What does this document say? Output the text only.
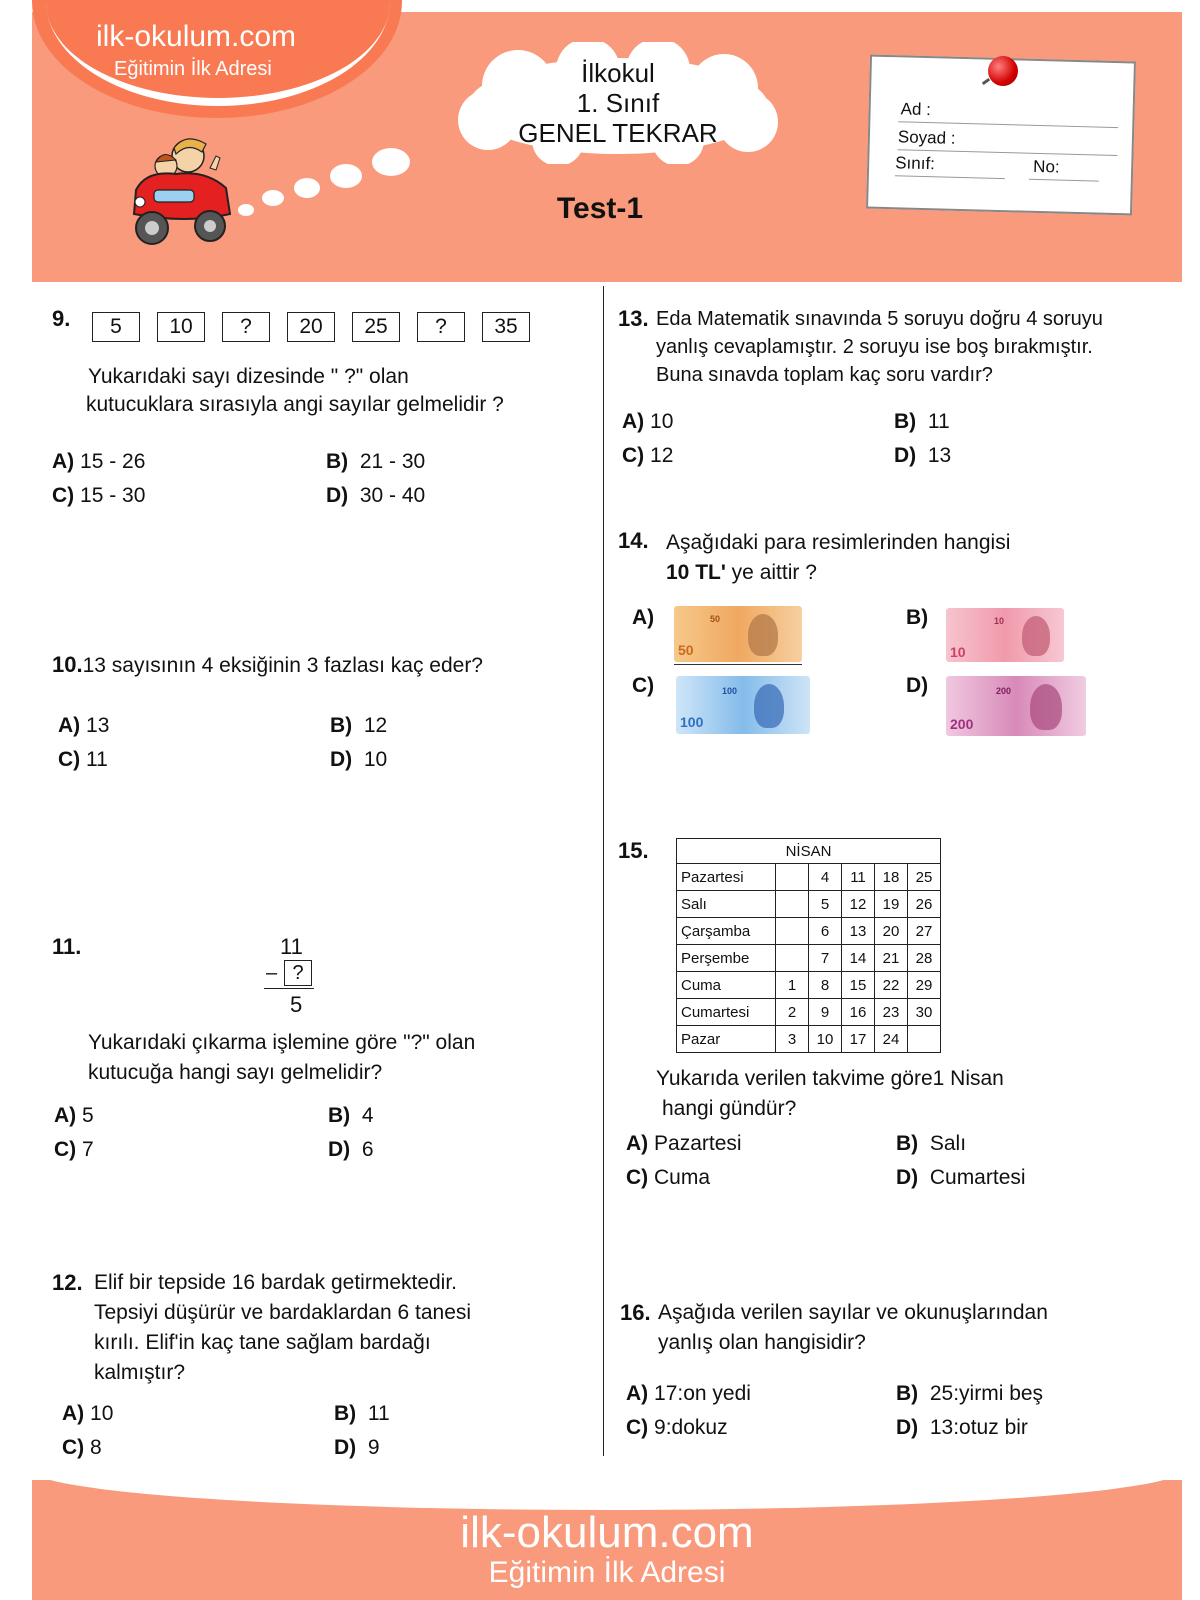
ilk-okulum.com
Eğitimin İlk Adresi	İlkokul
1. Sınıf
GENEL TEKRAR
Ad :
Soyad :
Sınıf:	No:
Test-1
9.	5	10	?	20	25	?	35
Yukarıdaki sayı dizesinde " ?" olan
kutucuklara sırasıyla angi sayılar gelmelidir ?
A) 15 - 26	B) 21 - 30
C) 15 - 30	D) 30 - 40
10.13 sayısının 4 eksiğinin 3 fazlası kaç eder?
A) 13	B) 12
C) 11	D) 10
11.	11
– ?
5
Yukarıdaki çıkarma işlemine göre "?" olan
kutucuğa hangi sayı gelmelidir?
A) 5	B) 4
C) 7	D) 6
12. Elif bir tepside 16 bardak getirmektedir.
Tepsiyi düşürür ve bardaklardan 6 tanesi
kırılı. Elif'in kaç tane sağlam bardağı
kalmıştır?
A) 10	B) 11
C) 8	D) 9
13. Eda Matematik sınavında 5 soruyu doğru 4 soruyu
yanlış cevaplamıştır. 2 soruyu ise boş bırakmıştır.
Buna sınavda toplam kaç soru vardır?
A) 10	B) 11
C) 12	D) 13
14. Aşağıdaki para resimlerinden hangisi
10 TL' ye aittir ?
A)	50
50
B)	10
10
C)	100
100
D)	200
200
15.	NİSAN					
Pazartesi		4	11	18	25
Salı		5	12	19	26
Çarşamba		6	13	20	27
Perşembe		7	14	21	28
Cuma	1	8	15	22	29
Cumartesi	2	9	16	23	30
Pazar	3	10	17	24	
Yukarıda verilen takvime göre1 Nisan
hangi gündür?
A) Pazartesi	B) Salı
C) Cuma	D) Cumartesi
16. Aşağıda verilen sayılar ve okunuşlarından
yanlış olan hangisidir?
A) 17:on yedi	B) 25:yirmi beş
C) 9:dokuz	D) 13:otuz bir
ilk-okulum.com
Eğitimin İlk Adresi
